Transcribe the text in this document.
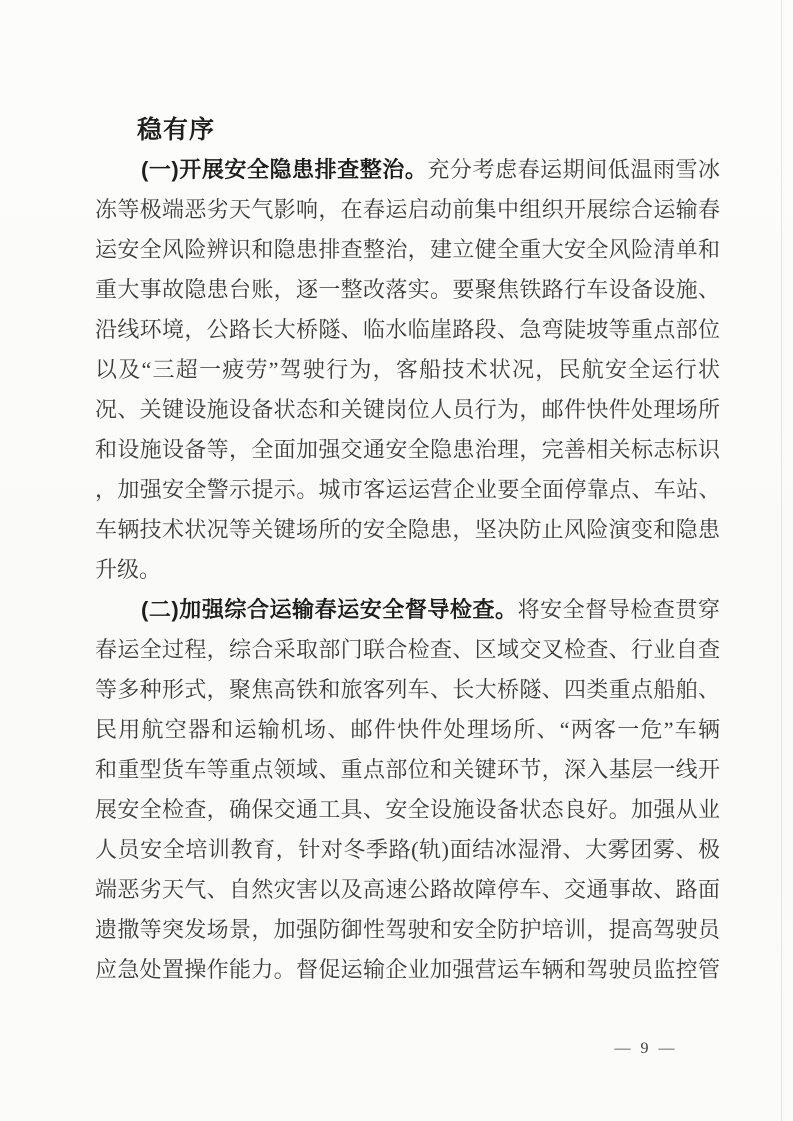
稳有序
(一)开展安全隐患排查整治。充分考虑春运期间低温雨雪冰
冻等极端恶劣天气影响，在春运启动前集中组织开展综合运输春
运安全风险辨识和隐患排查整治，建立健全重大安全风险清单和
重大事故隐患台账，逐一整改落实。要聚焦铁路行车设备设施、
沿线环境，公路长大桥隧、临水临崖路段、急弯陡坡等重点部位
以及“三超一疲劳”驾驶行为，客船技术状况，民航安全运行状
况、关键设施设备状态和关键岗位人员行为，邮件快件处理场所
和设施设备等，全面加强交通安全隐患治理，完善相关标志标识
，加强安全警示提示。城市客运运营企业要全面停靠点、车站、
车辆技术状况等关键场所的安全隐患，坚决防止风险演变和隐患
升级。
(二)加强综合运输春运安全督导检查。将安全督导检查贯穿
春运全过程，综合采取部门联合检查、区域交叉检查、行业自查
等多种形式，聚焦高铁和旅客列车、长大桥隧、四类重点船舶、
民用航空器和运输机场、邮件快件处理场所、“两客一危”车辆
和重型货车等重点领域、重点部位和关键环节，深入基层一线开
展安全检查，确保交通工具、安全设施设备状态良好。加强从业
人员安全培训教育，针对冬季路(轨)面结冰湿滑、大雾团雾、极
端恶劣天气、自然灾害以及高速公路故障停车、交通事故、路面
遗撒等突发场景，加强防御性驾驶和安全防护培训，提高驾驶员
应急处置操作能力。督促运输企业加强营运车辆和驾驶员监控管
— 9 —
